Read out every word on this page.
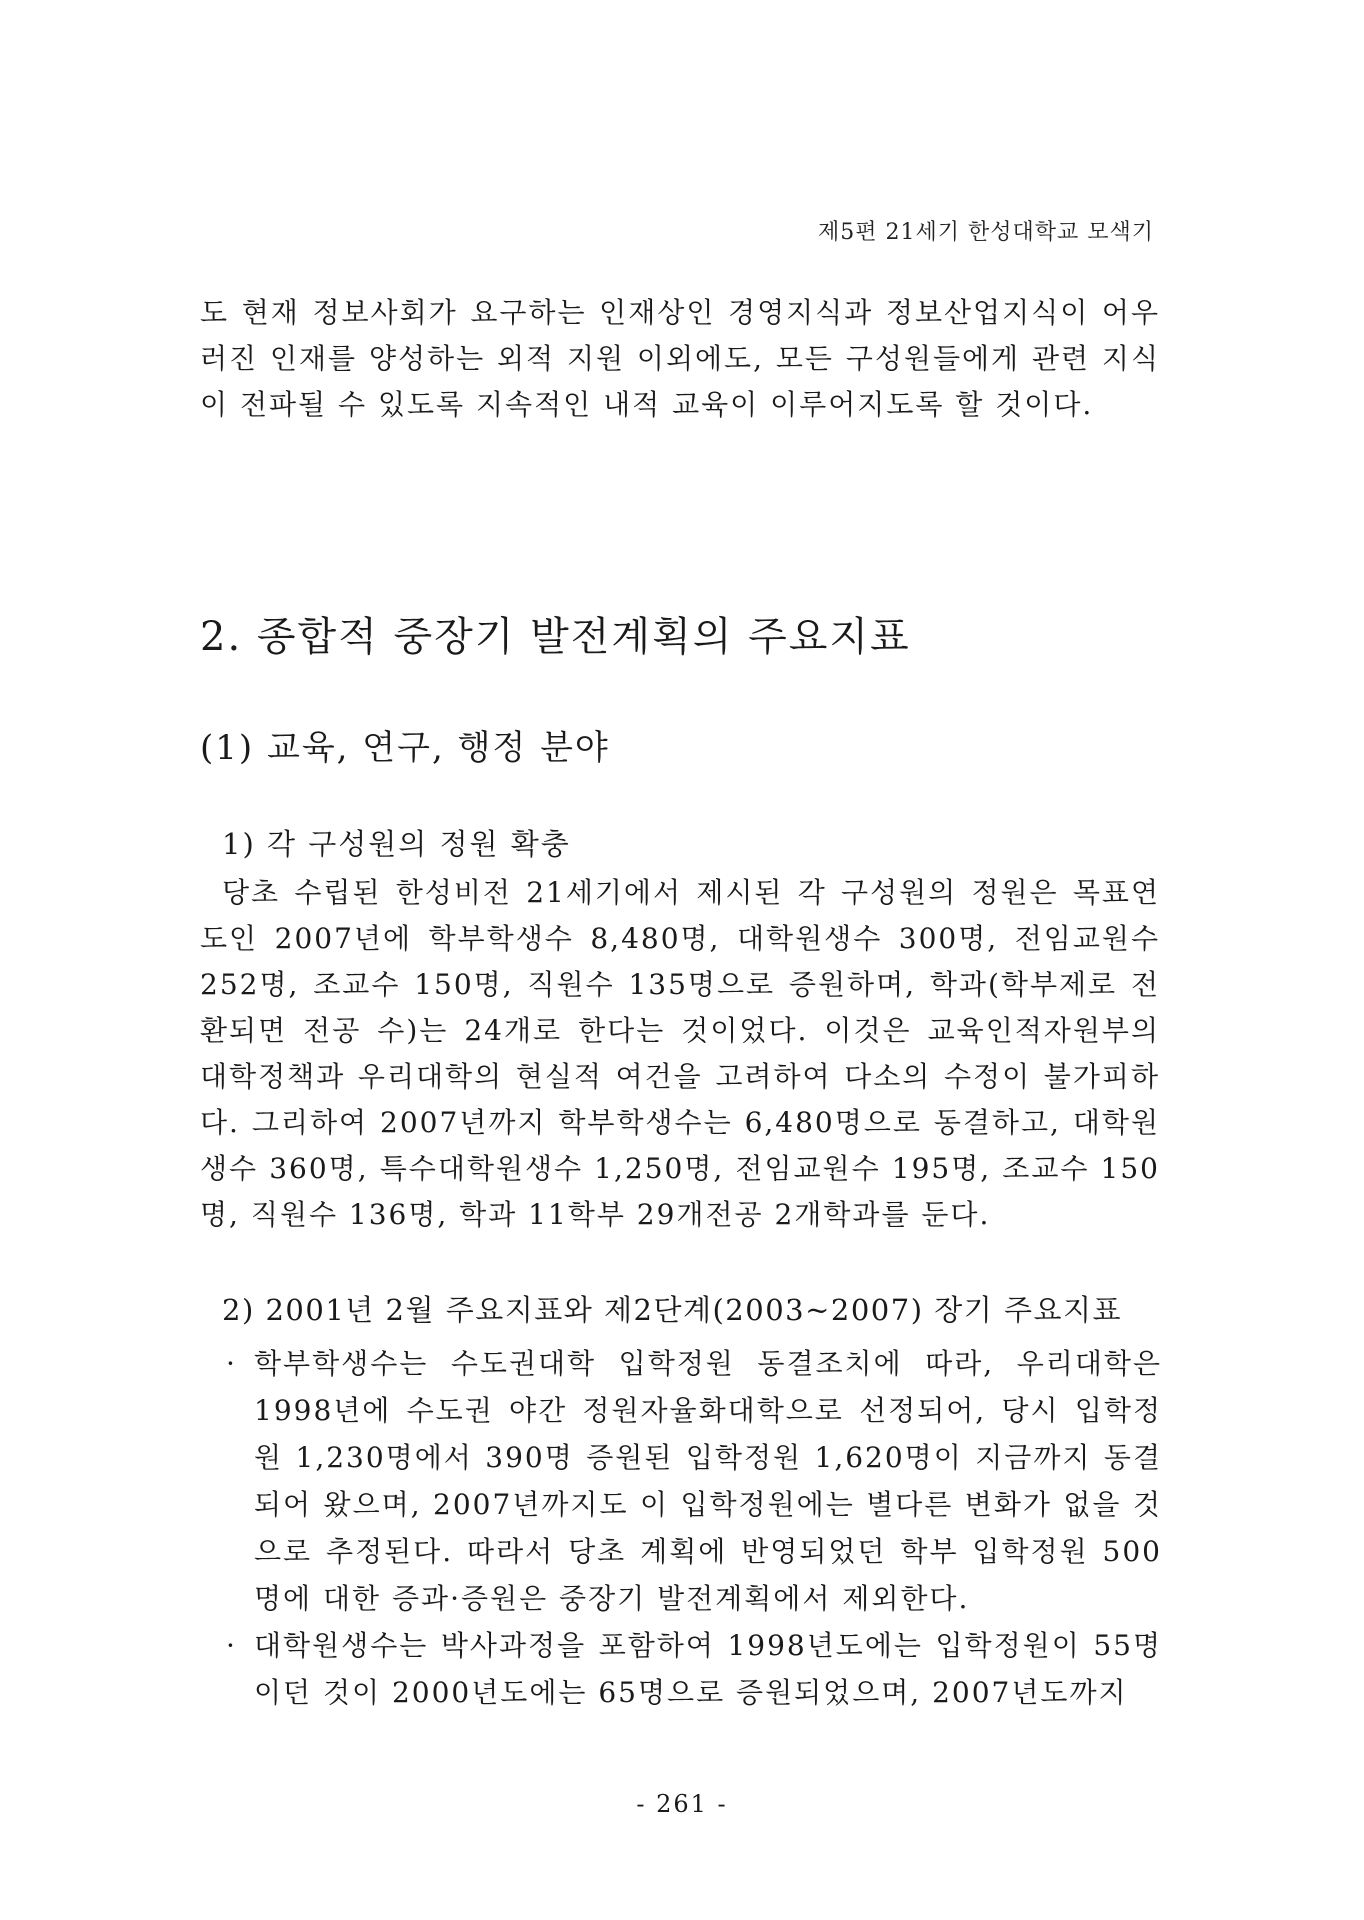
제5편 21세기 한성대학교 모색기

도 현재 정보사회가 요구하는 인재상인 경영지식과 정보산업지식이 어우러진 인재를 양성하는 외적 지원 이외에도, 모든 구성원들에게 관련 지식이 전파될 수 있도록 지속적인 내적 교육이 이루어지도록 할 것이다.

2. 종합적 중장기 발전계획의 주요지표
(1) 교육, 연구, 행정 분야
1) 각 구성원의 정원 확충

당초 수립된 한성비전 21세기에서 제시된 각 구성원의 정원은 목표연도인 2007년에 학부학생수 8,480명, 대학원생수 300명, 전임교원수 252명, 조교수 150명, 직원수 135명으로 증원하며, 학과(학부제로 전환되면 전공 수)는 24개로 한다는 것이었다. 이것은 교육인적자원부의 대학정책과 우리대학의 현실적 여건을 고려하여 다소의 수정이 불가피하다. 그리하여 2007년까지 학부학생수는 6,480명으로 동결하고, 대학원생수 360명, 특수대학원생수 1,250명, 전임교원수 195명, 조교수 150명, 직원수 136명, 학과 11학부 29개전공 2개학과를 둔다.

2) 2001년 2월 주요지표와 제2단계(2003~2007) 장기 주요지표
· 학부학생수는 수도권대학 입학정원 동결조치에 따라, 우리대학은 1998년에 수도권 야간 정원자율화대학으로 선정되어, 당시 입학정원 1,230명에서 390명 증원된 입학정원 1,620명이 지금까지 동결되어 왔으며, 2007년까지도 이 입학정원에는 별다른 변화가 없을 것으로 추정된다. 따라서 당초 계획에 반영되었던 학부 입학정원 500명에 대한 증과·증원은 중장기 발전계획에서 제외한다.
· 대학원생수는 박사과정을 포함하여 1998년도에는 입학정원이 55명이던 것이 2000년도에는 65명으로 증원되었으며, 2007년도까지
- 261 -
